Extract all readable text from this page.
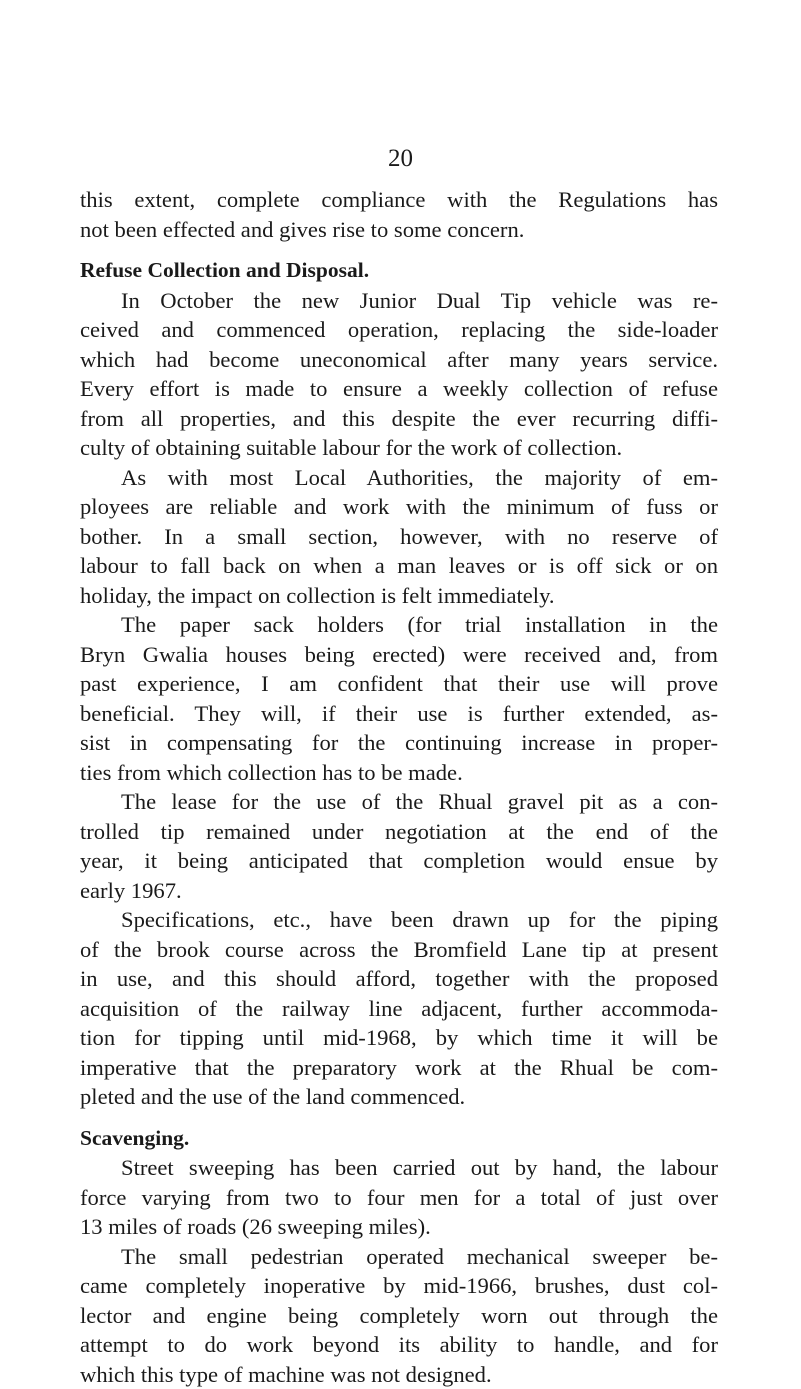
20
this extent, complete compliance with the Regulations has
not been effected and gives rise to some concern.
Refuse Collection and Disposal.
In October the new Junior Dual Tip vehicle was re-
ceived and commenced operation, replacing the side-loader
which had become uneconomical after many years service.
Every effort is made to ensure a weekly collection of refuse
from all properties, and this despite the ever recurring diffi-
culty of obtaining suitable labour for the work of collection.
As with most Local Authorities, the majority of em-
ployees are reliable and work with the minimum of fuss or
bother. In a small section, however, with no reserve of
labour to fall back on when a man leaves or is off sick or on
holiday, the impact on collection is felt immediately.
The paper sack holders (for trial installation in the
Bryn Gwalia houses being erected) were received and, from
past experience, I am confident that their use will prove
beneficial. They will, if their use is further extended, as-
sist in compensating for the continuing increase in proper-
ties from which collection has to be made.
The lease for the use of the Rhual gravel pit as a con-
trolled tip remained under negotiation at the end of the
year, it being anticipated that completion would ensue by
early 1967.
Specifications, etc., have been drawn up for the piping
of the brook course across the Bromfield Lane tip at present
in use, and this should afford, together with the proposed
acquisition of the railway line adjacent, further accommoda-
tion for tipping until mid-1968, by which time it will be
imperative that the preparatory work at the Rhual be com-
pleted and the use of the land commenced.
Scavenging.
Street sweeping has been carried out by hand, the labour
force varying from two to four men for a total of just over
13 miles of roads (26 sweeping miles).
The small pedestrian operated mechanical sweeper be-
came completely inoperative by mid-1966, brushes, dust col-
lector and engine being completely worn out through the
attempt to do work beyond its ability to handle, and for
which this type of machine was not designed.
